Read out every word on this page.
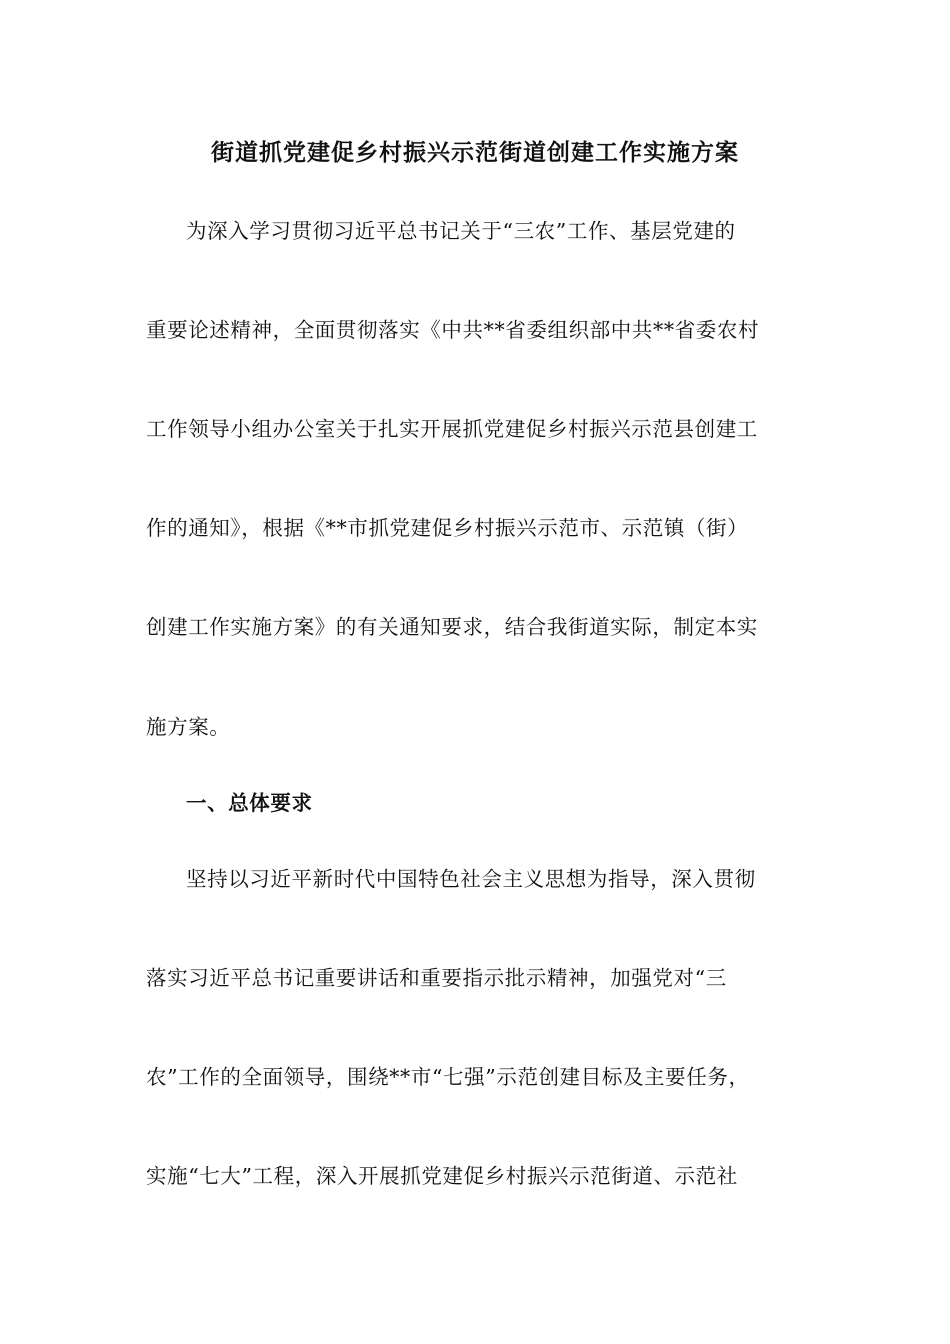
街道抓党建促乡村振兴示范街道创建工作实施方案
为深入学习贯彻习近平总书记关于“三农”工作、基层党建的
重要论述精神，全面贯彻落实《中共**省委组织部中共**省委农村
工作领导小组办公室关于扎实开展抓党建促乡村振兴示范县创建工
作的通知》，根据《**市抓党建促乡村振兴示范市、示范镇（街）
创建工作实施方案》的有关通知要求，结合我街道实际，制定本实
施方案。
一、总体要求
坚持以习近平新时代中国特色社会主义思想为指导，深入贯彻
落实习近平总书记重要讲话和重要指示批示精神，加强党对“三
农”工作的全面领导，围绕**市“七强”示范创建目标及主要任务，
实施“七大”工程，深入开展抓党建促乡村振兴示范街道、示范社
